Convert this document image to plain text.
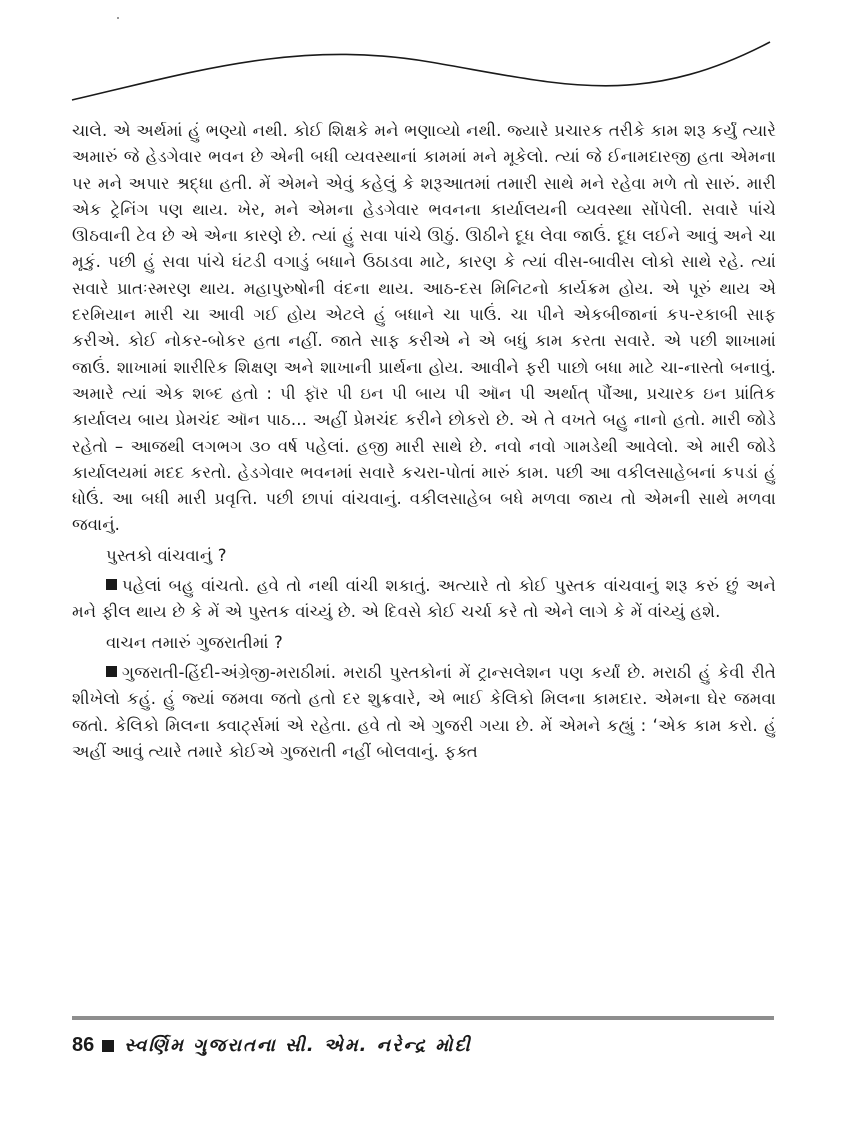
ચાલે. એ અર્થમાં હું ભણ્યો નથી. કોઈ શિક્ષકે મને ભણાવ્યો નથી. જ્યારે પ્રચારક તરીકે કામ શરૂ કર્યું ત્યારે અમારું જે હેડગેવાર ભવન છે એની બધી વ્યવસ્થાનાં કામમાં મને મૂકેલો. ત્યાં જે ઈનામદારજી હતા એમના પર મને અપાર શ્રદ્ધા હતી. મેં એમને એવું કહેલું કે શરૂઆતમાં તમારી સાથે મને રહેવા મળે તો સારું. મારી એક ટ્રેનિંગ પણ થાય. ખેર, મને એમના હેડગેવાર ભવનના કાર્યાલયની વ્યવસ્થા સોંપેલી. સવારે પાંચે ઊઠવાની ટેવ છે એ એના કારણે છે. ત્યાં હું સવા પાંચે ઊઠું. ઊઠીને દૂધ લેવા જાઉં. દૂધ લઈને આવું અને ચા મૂકું. પછી હું સવા પાંચે ઘંટડી વગાડું બધાને ઉઠાડવા માટે, કારણ કે ત્યાં વીસ-બાવીસ લોકો સાથે રહે. ત્યાં સવારે પ્રાતઃસ્મરણ થાય. મહાપુરુષોની વંદના થાય. આઠ-દસ મિનિટનો કાર્યક્રમ હોય. એ પૂરું થાય એ દરમિયાન મારી ચા આવી ગઈ હોય એટલે હું બધાને ચા પાઉં. ચા પીને એકબીજાનાં કપ-રકાબી સાફ કરીએ. કોઈ નોકર-બોકર હતા નહીં. જાતે સાફ કરીએ ને એ બધું કામ કરતા સવારે. એ પછી શાખામાં જાઉં. શાખામાં શારીરિક શિક્ષણ અને શાખાની પ્રાર્થના હોય. આવીને ફરી પાછો બધા માટે ચા-નાસ્તો બનાવું. અમારે ત્યાં એક શબ્દ હતો : પી ફૉર પી ઇન પી બાય પી ઑન પી અર્થાત્ પૌંઆ, પ્રચારક ઇન પ્રાંતિક કાર્યાલય બાય પ્રેમચંદ ઑન પાઠ... અહીં પ્રેમચંદ કરીને છોકરો છે. એ તે વખતે બહુ નાનો હતો. મારી જોડે રહેતો – આજથી લગભગ ૩૦ વર્ષ પહેલાં. હજી મારી સાથે છે. નવો નવો ગામડેથી આવેલો. એ મારી જોડે કાર્યાલયમાં મદદ કરતો. હેડગેવાર ભવનમાં સવારે કચરા-પોતાં મારું કામ. પછી આ વકીલસાહેબનાં કપડાં હું ધોઉં. આ બધી મારી પ્રવૃત્તિ. પછી છાપાં વાંચવાનું. વકીલસાહેબ બધે મળવા જાય તો એમની સાથે મળવા જવાનું.

પુસ્તકો વાંચવાનું ?

પહેલાં બહુ વાંચતો. હવે તો નથી વાંચી શકાતું. અત્યારે તો કોઈ પુસ્તક વાંચવાનું શરૂ કરું છું અને મને ફીલ થાય છે કે મેં એ પુસ્તક વાંચ્યું છે. એ દિવસે કોઈ ચર્ચા કરે તો એને લાગે કે મેં વાંચ્યું હશે.

વાચન તમારું ગુજરાતીમાં ?

ગુજરાતી-હિંદી-અંગ્રેજી-મરાઠીમાં. મરાઠી પુસ્તકોનાં મેં ટ્રાન્સલેશન પણ કર્યાં છે. મરાઠી હું કેવી રીતે શીખેલો કહું. હું જ્યાં જમવા જતો હતો દર શુક્રવારે, એ ભાઈ કેલિકો મિલના કામદાર. એમના ઘેર જમવા જતો. કેલિકો મિલના ક્વાર્ટ્સમાં એ રહેતા. હવે તો એ ગુજરી ગયા છે. મેં એમને કહ્યું : ‘એક કામ કરો. હું અહીં આવું ત્યારે તમારે કોઈએ ગુજરાતી નહીં બોલવાનું. ફક્ત

86 સ્વર્ણિમ ગુજરાતના સી. એમ. નરેન્દ્ર મોદી
